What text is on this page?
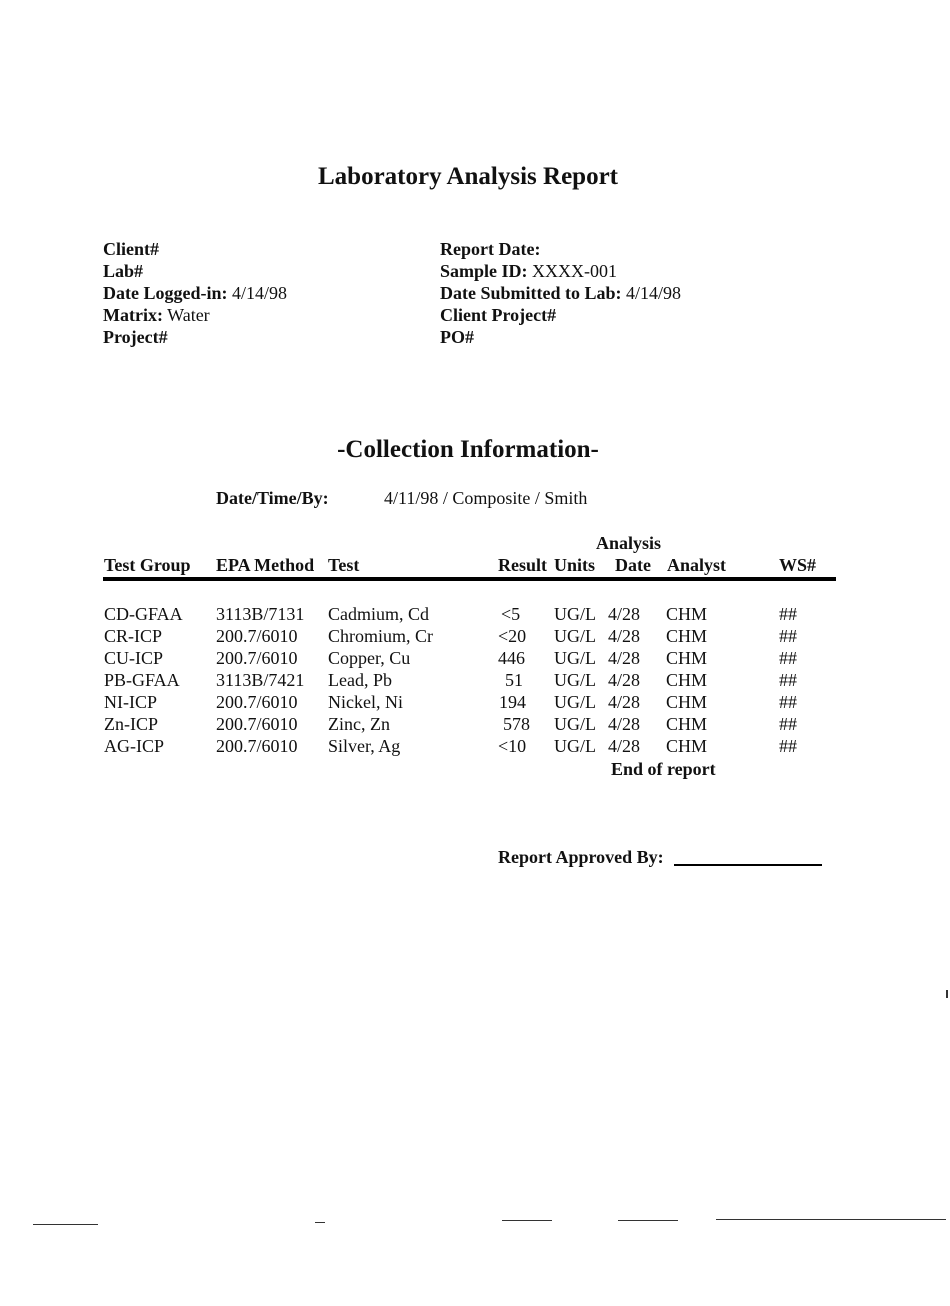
Laboratory Analysis Report
Client#
Lab#
Date Logged-in: 4/14/98
Matrix: Water
Project#
Report Date:
Sample ID: XXXX-001
Date Submitted to Lab: 4/14/98
Client Project#
PO#
-Collection Information-
Date/Time/By:	4/11/98 / Composite / Smith
Analysis
Test Group EPA Method Test	Result Units Date Analyst	WS#
CD-GFAA 3113B/7131 Cadmium, Cd	<5 UG/L 4/28 CHM	##
CR-ICP	200.7/6010 Chromium, Cr	<20 UG/L 4/28 CHM	##
CU-ICP	200.7/6010 Copper, Cu	446 UG/L 4/28 CHM	##
PB-GFAA 3113B/7421 Lead, Pb	51 UG/L 4/28 CHM	##
NI-ICP	200.7/6010 Nickel, Ni	194 UG/L 4/28 CHM	##
Zn-ICP	200.7/6010 Zinc, Zn	578 UG/L 4/28 CHM	##
AG-ICP	200.7/6010 Silver, Ag	<10 UG/L 4/28 CHM	##
End of report
Report Approved By:
